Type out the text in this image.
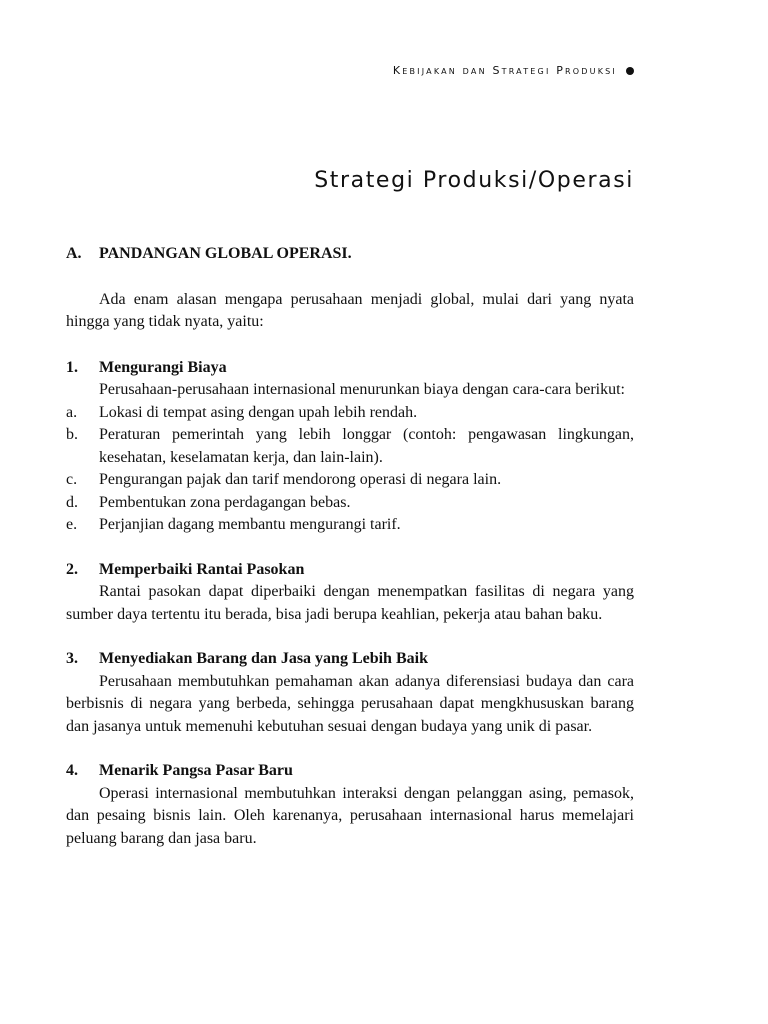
Kebijakan dan Strategi Produksi
Strategi Produksi/Operasi
A.	PANDANGAN GLOBAL OPERASI.

Ada enam alasan mengapa perusahaan menjadi global, mulai dari yang nyata hingga yang tidak nyata, yaitu:

1.	Mengurangi Biaya

Perusahaan-perusahaan internasional menurunkan biaya dengan cara-cara berikut:

a.	Lokasi di tempat asing dengan upah lebih rendah.
b.	Peraturan pemerintah yang lebih longgar (contoh: pengawasan lingkungan, kesehatan, keselamatan kerja, dan lain-lain).
c.	Pengurangan pajak dan tarif mendorong operasi di negara lain.
d.	Pembentukan zona perdagangan bebas.
e.	Perjanjian dagang membantu mengurangi tarif.
2.	Memperbaiki Rantai Pasokan

Rantai pasokan dapat diperbaiki dengan menempatkan fasilitas di negara yang sumber daya tertentu itu berada, bisa jadi berupa keahlian, pekerja atau bahan baku.

3.	Menyediakan Barang dan Jasa yang Lebih Baik

Perusahaan membutuhkan pemahaman akan adanya diferensiasi budaya dan cara berbisnis di negara yang berbeda, sehingga perusahaan dapat mengkhususkan barang dan jasanya untuk memenuhi kebutuhan sesuai dengan budaya yang unik di pasar.

4.	Menarik Pangsa Pasar Baru

Operasi internasional membutuhkan interaksi dengan pelanggan asing, pemasok, dan pesaing bisnis lain. Oleh karenanya, perusahaan internasional harus memelajari peluang barang dan jasa baru.
